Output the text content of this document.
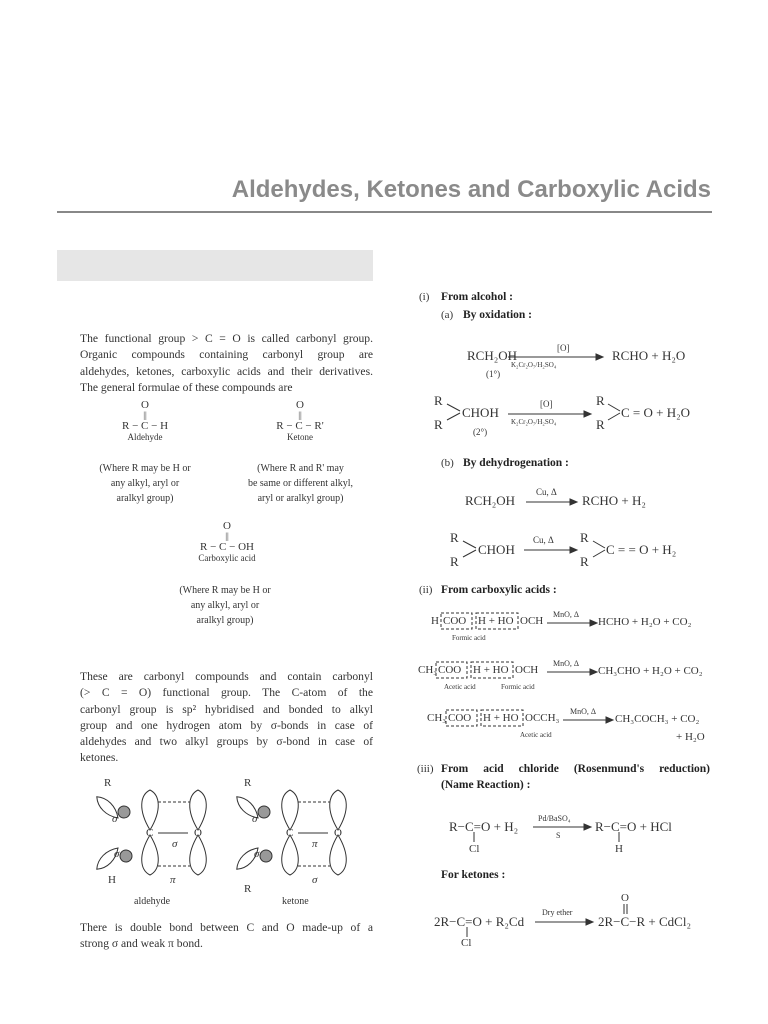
Aldehydes, Ketones and Carboxylic Acids
The functional group > C = O is called carbonyl group.
Organic compounds containing carbonyl group are
aldehydes, ketones, carboxylic acids and their derivatives.
The general formulae of these compounds are
O
||
R − C − H
Aldehyde
(Where R may be H or
any alkyl, aryl or
aralkyl group)
O
||
R − C − R'
Ketone
(Where R and R' may
be same or different alkyl,
aryl or aralkyl group)
O
||
R − C − OH
Carboxylic acid
(Where R may be H or
any alkyl, aryl or
aralkyl group)
These are carbonyl compounds and contain carbonyl
(> C = O) functional group. The C-atom of the
carbonyl group is sp² hybridised and bonded to alkyl
group and one hydrogen atom by σ-bonds in case of
aldehydes and two alkyl groups by σ-bond in case of
ketones.
R
H
σ
σ
C	O
σ
π
aldehyde
R
R
σ
σ
C	O
π
σ
ketone
There is double bond between C and O made-up of a
strong σ and weak π bond.
(i) From alcohol :
(a) By oxidation :
RCH₂OH	[O]
K₂Cr₂O₇/H₂SO₄
RCHO + H₂O
(1°)
R
R
CHOH
[O]
K₂Cr₂O₇/H₂SO₄
R
R
C = O + H₂O
(2°)
(b) By dehydrogenation :
RCH₂OH
Cu, Δ
RCHO + H₂
R
R
CHOH
Cu, Δ R
R
C = = O + H₂
(ii) From carboxylic acids :
H COO H + HO OCH
MnO, Δ
HCHO + H₂O + CO₂
Formic acid
CH₃ COO H + HO OCH
MnO, Δ
CH₃CHO + H₂O + CO₂
Acetic acid	Formic acid
CH₃ COO H + HO OCCH₃
MnO, Δ
CH₃COCH₃ + CO₂
+ H₂O
Acetic acid
(iii) From acid chloride (Rosenmund's reduction)
(Name Reaction) :
R−C=O + H₂
Cl
Pd/BaSO₄
S
R−C=O + HCl
H
For ketones :
O
2R−C=O + R₂Cd
Cl
Dry ether
2R−C−R + CdCl₂
